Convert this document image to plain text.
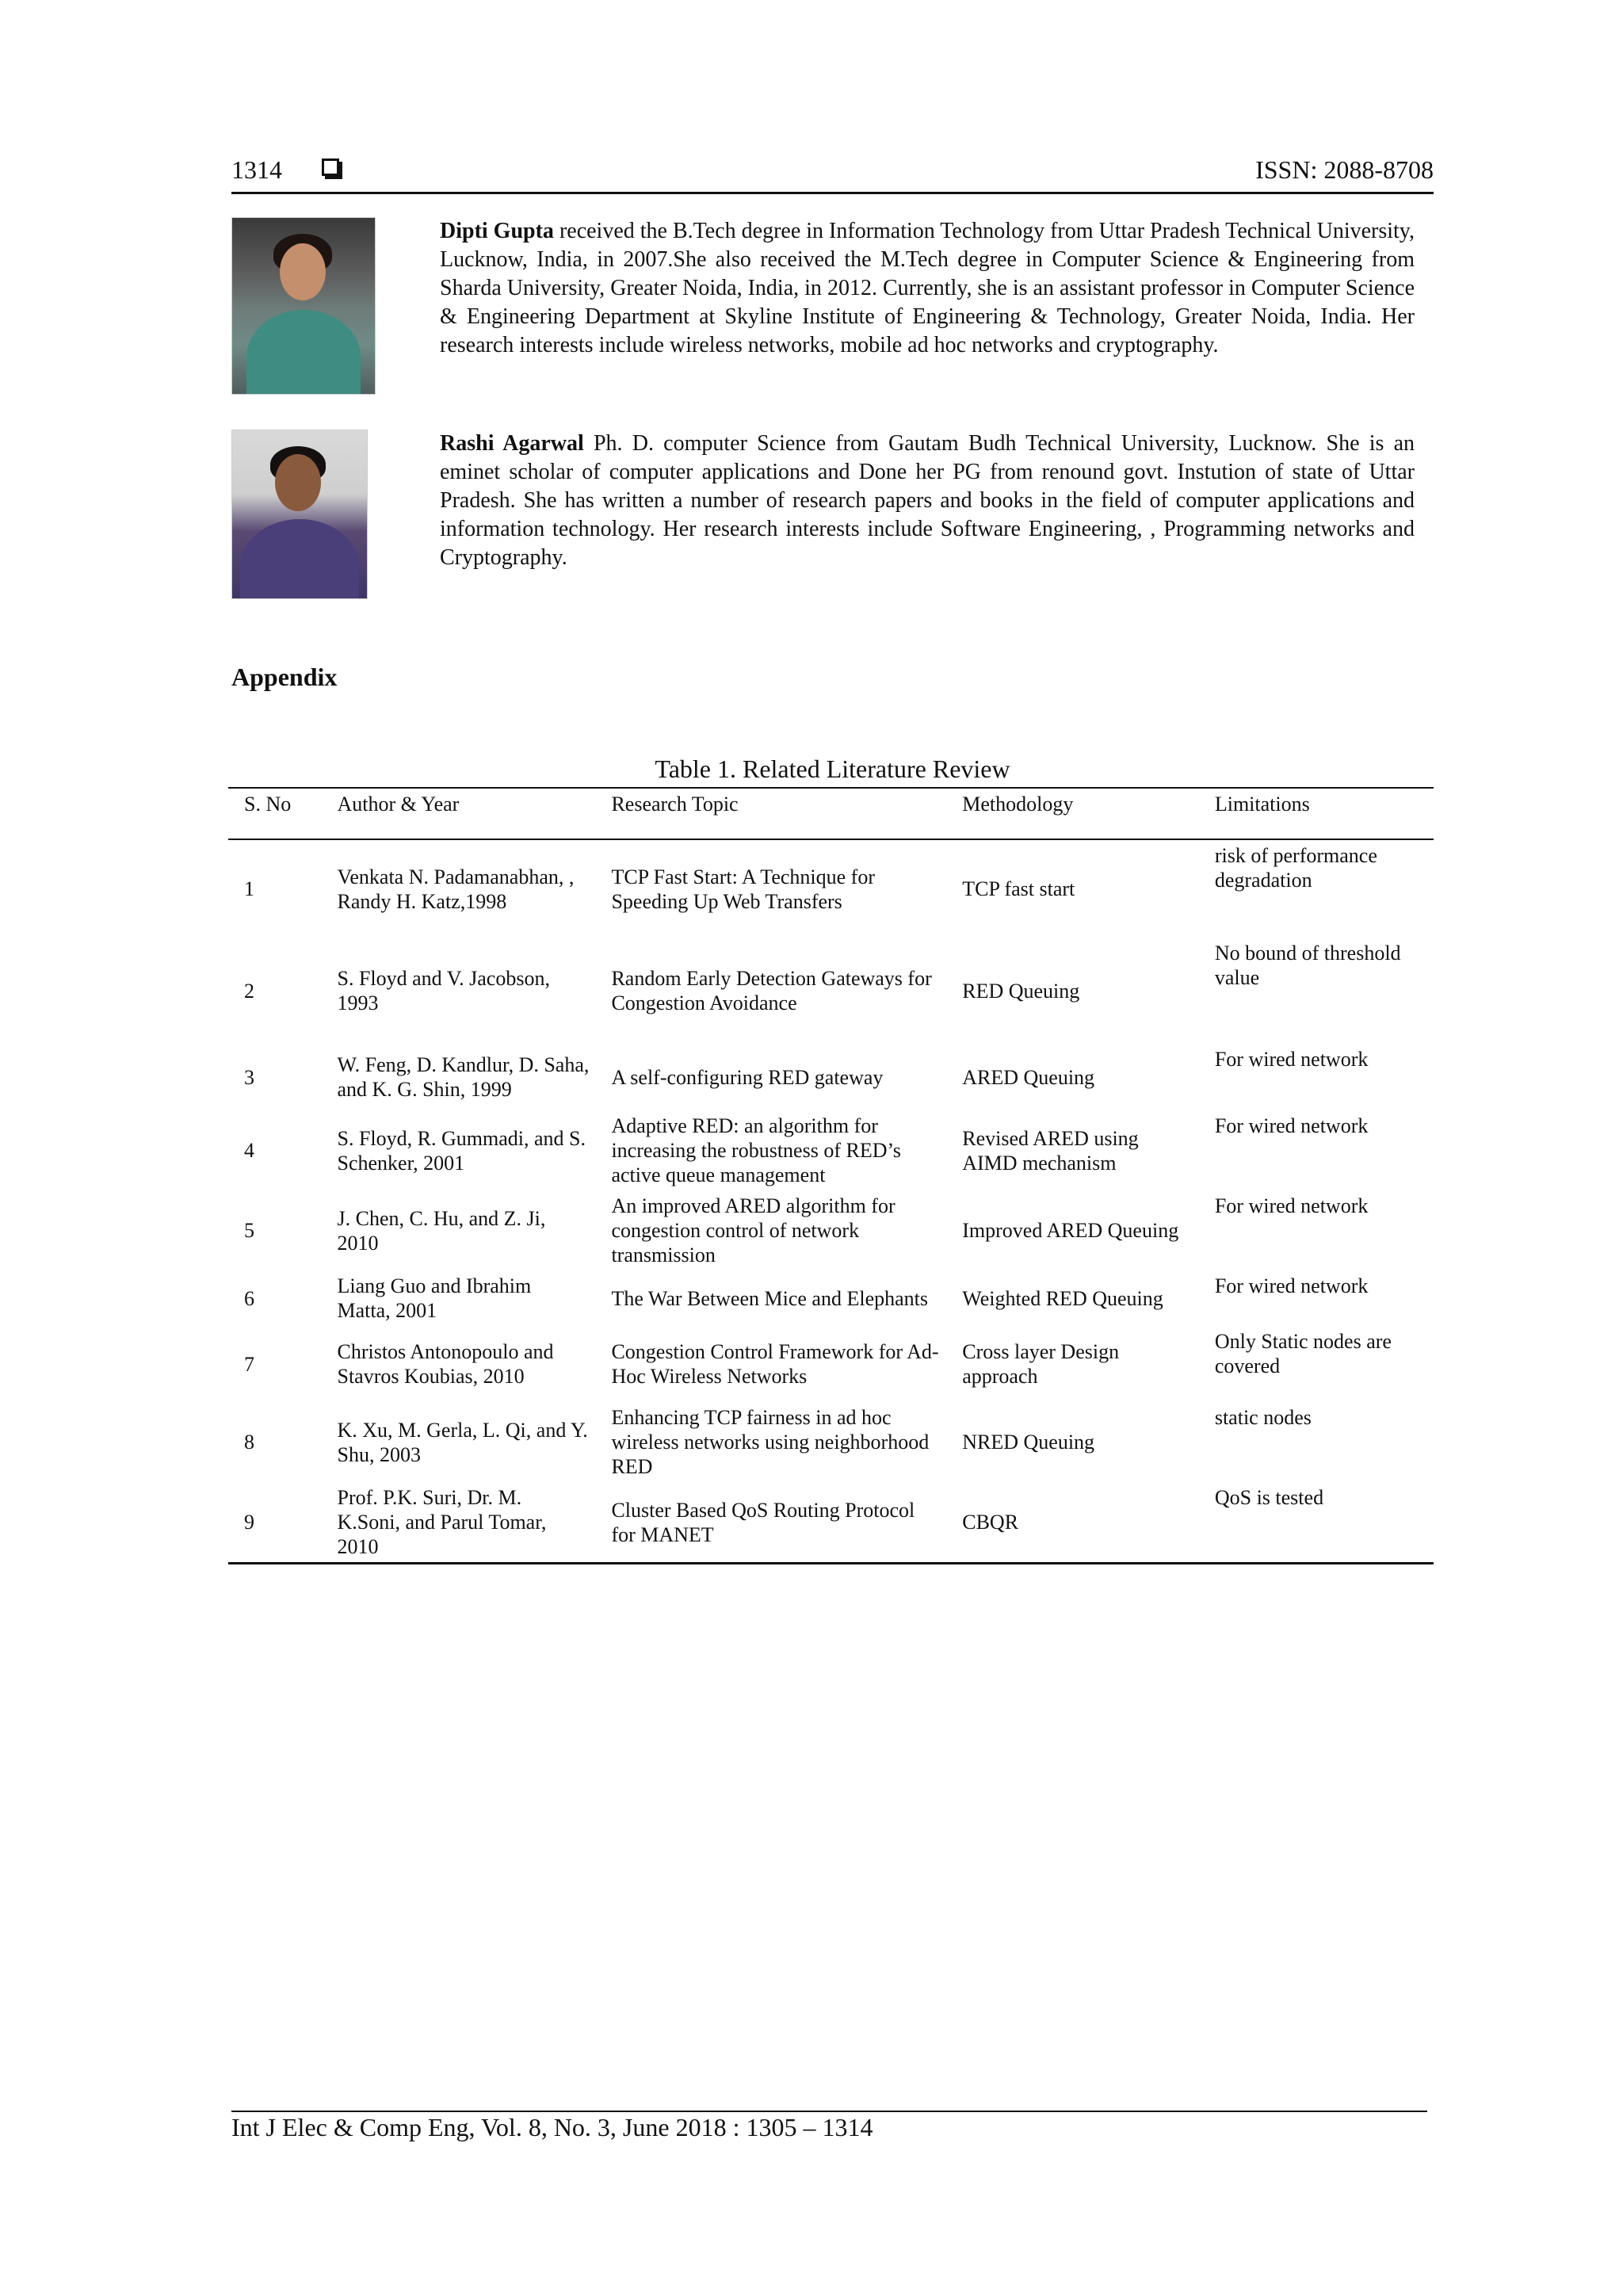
1314	ISSN: 2088-8708

Dipti Gupta received the B.Tech degree in Information Technology from Uttar Pradesh Technical University, Lucknow, India, in 2007.She also received the M.Tech degree in Computer Science & Engineering from Sharda University, Greater Noida, India, in 2012. Currently, she is an assistant professor in Computer Science & Engineering Department at Skyline Institute of Engineering & Technology, Greater Noida, India. Her research interests include wireless networks, mobile ad hoc networks and cryptography.

Rashi Agarwal Ph. D. computer Science from Gautam Budh Technical University, Lucknow. She is an eminet scholar of computer applications and Done her PG from renound govt. Instution of state of Uttar Pradesh. She has written a number of research papers and books in the field of computer applications and information technology. Her research interests include Software Engineering, , Programming networks and Cryptography.

Appendix
Table 1. Related Literature Review
S. No	Author & Year	Research Topic	Methodology	Limitations
1	Venkata N. Padamanabhan, , Randy H. Katz,1998	TCP Fast Start: A Technique for Speeding Up Web Transfers	TCP fast start	risk of performance degradation
2	S. Floyd and V. Jacobson, 1993	Random Early Detection Gateways for Congestion Avoidance	RED Queuing	No bound of threshold value
3	W. Feng, D. Kandlur, D. Saha, and K. G. Shin, 1999	A self-configuring RED gateway	ARED Queuing	For wired network
4	S. Floyd, R. Gummadi, and S. Schenker, 2001	Adaptive RED: an algorithm for increasing the robustness of RED’s active queue management	Revised ARED using AIMD mechanism	For wired network
5	J. Chen, C. Hu, and Z. Ji, 2010	An improved ARED algorithm for congestion control of network transmission	Improved ARED Queuing	For wired network
6	Liang Guo and Ibrahim Matta, 2001	The War Between Mice and Elephants	Weighted RED Queuing	For wired network
7	Christos Antonopoulo and Stavros Koubias, 2010	Congestion Control Framework for Ad-Hoc Wireless Networks	Cross layer Design approach	Only Static nodes are covered
8	K. Xu, M. Gerla, L. Qi, and Y. Shu, 2003	Enhancing TCP fairness in ad hoc wireless networks using neighborhood RED	NRED Queuing	static nodes
9	Prof. P.K. Suri, Dr. M. K.Soni, and Parul Tomar, 2010	Cluster Based QoS Routing Protocol for MANET	CBQR	QoS is tested
Int J Elec & Comp Eng, Vol. 8, No. 3, June 2018 : 1305 – 1314
